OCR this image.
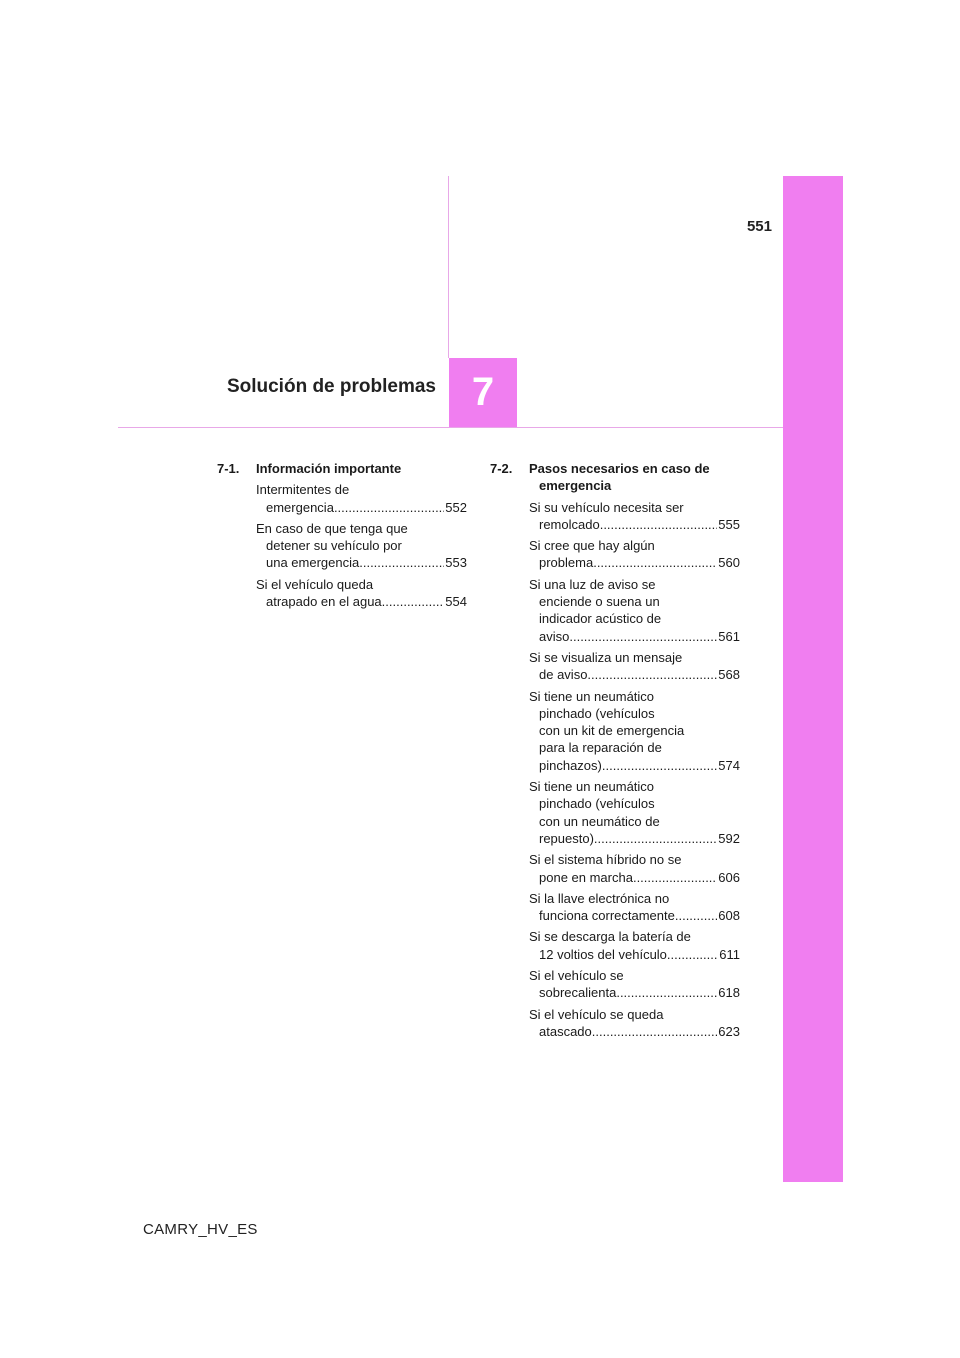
551
Solución de problemas 7
7-1.	Información importante
Intermitentes de
emergencia .....	552
En caso de que tenga que
detener su vehículo por
una emergencia .....	553
Si el vehículo queda
atrapado en el agua .....	554
7-2.	Pasos necesarios en caso de emergencia
Si su vehículo necesita ser
remolcado .....	555
Si cree que hay algún
problema .....	560
Si una luz de aviso se
enciende o suena un
indicador acústico de
aviso .....	561
Si se visualiza un mensaje
de aviso .....	568
Si tiene un neumático
pinchado (vehículos
con un kit de emergencia
para la reparación de
pinchazos) .....	574
Si tiene un neumático
pinchado (vehículos
con un neumático de
repuesto) .....	592
Si el sistema híbrido no se
pone en marcha .....	606
Si la llave electrónica no
funciona correctamente .....	608
Si se descarga la batería de
12 voltios del vehículo .....	611
Si el vehículo se
sobrecalienta .....	618
Si el vehículo se queda
atascado .....	623
CAMRY_HV_ES
